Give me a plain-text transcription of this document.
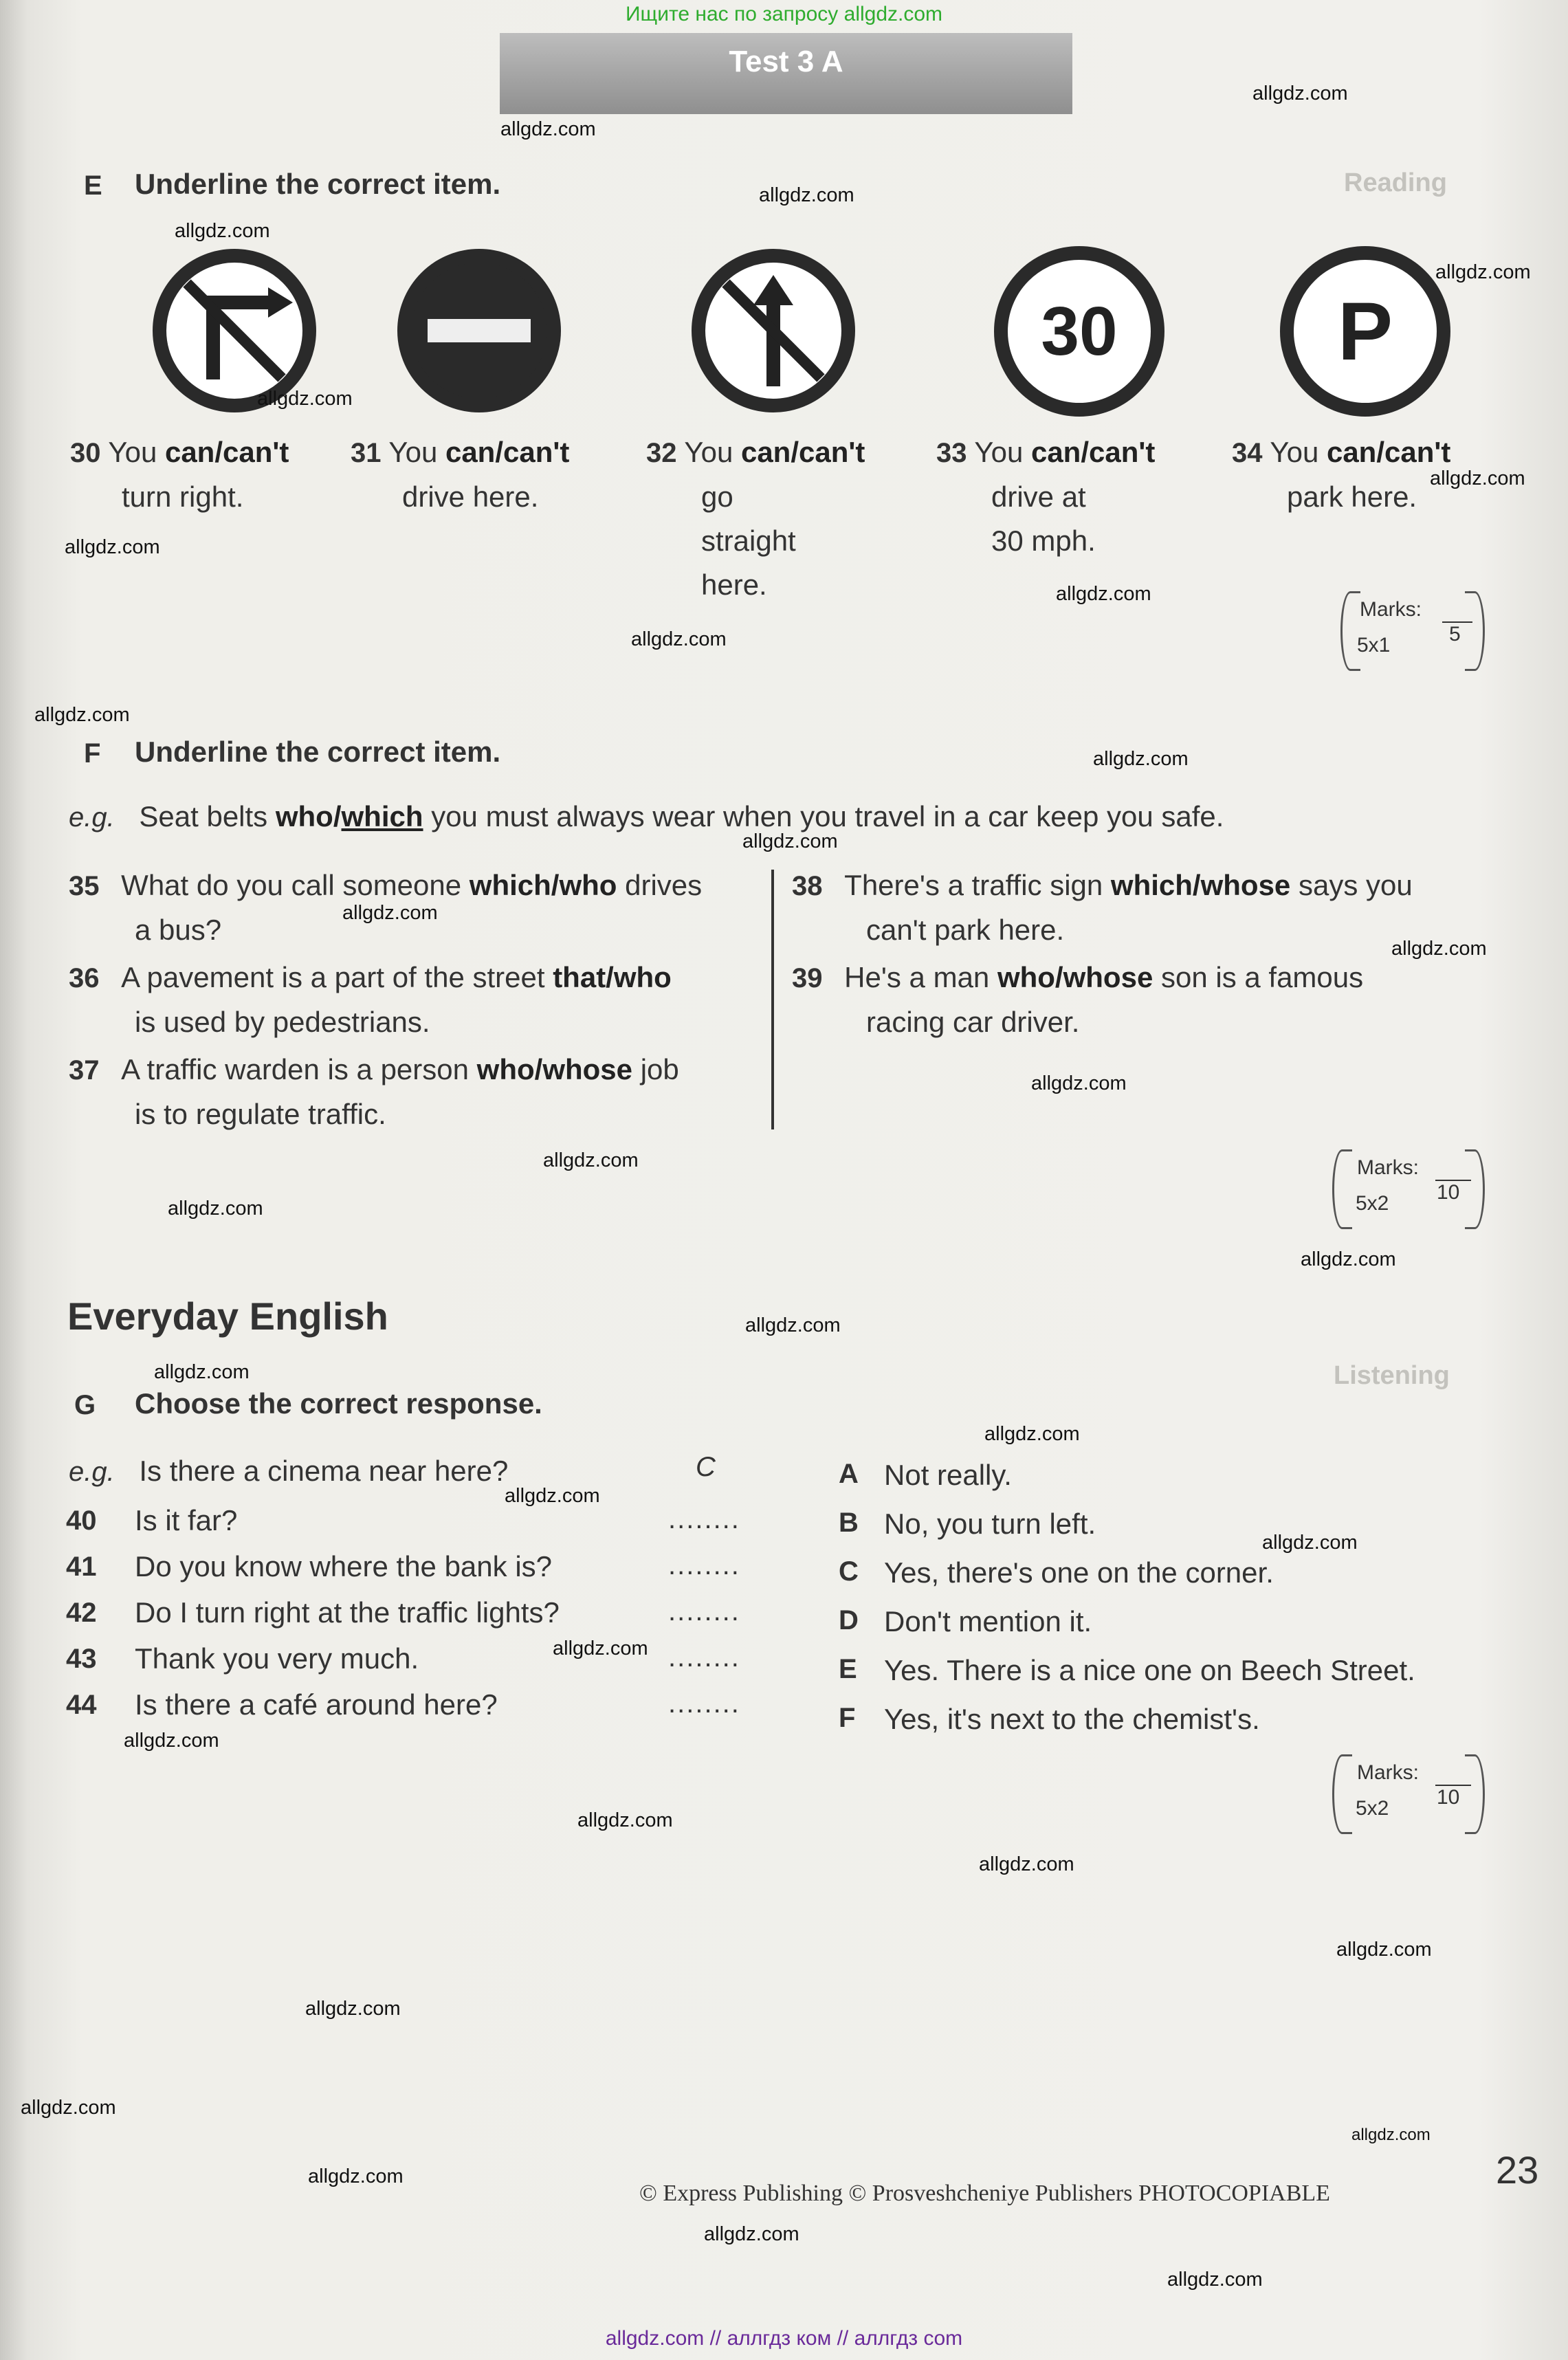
Reading
Listening
Ищите нас по запросу allgdz.com
Test 3 A
E Underline the correct item.
30	P
30 You can/can't
turn right.
31 You can/can't
drive here.
32 You can/can't
go straight here.
33 You can/can't
drive at 30 mph.
34 You can/can't
park here.
Marks:
5
5x1
F Underline the correct item.
e.g. Seat belts who/which you must always wear when you travel in a car keep you safe.
35 What do you call someone which/who drives
a bus?
36 A pavement is a part of the street that/who
is used by pedestrians.
37 A traffic warden is a person who/whose job
is to regulate traffic.
38 There's a traffic sign which/whose says you
can't park here.
39 He's a man who/whose son is a famous
racing car driver.
Marks:
10
5x2
Everyday English
G Choose the correct response.
e.g. Is there a cinema near here?	C
40 Is it far?	........
41 Do you know where the bank is?	........
42 Do I turn right at the traffic lights?	........
43 Thank you very much.	........
44 Is there a café around here?	........
A Not really.
B No, you turn left.
C Yes, there's one on the corner.
D Don't mention it.
E Yes. There is a nice one on Beech Street.
F Yes, it's next to the chemist's.
Marks:
10
5x2
© Express Publishing © Prosveshcheniye Publishers PHOTOCOPIABLE
23
allgdz.com
allgdz.com
allgdz.com
allgdz.com
allgdz.com
allgdz.com
allgdz.com
allgdz.com
allgdz.com
allgdz.com
allgdz.com
allgdz.com
allgdz.com
allgdz.com
allgdz.com
allgdz.com
allgdz.com
allgdz.com
allgdz.com
allgdz.com
allgdz.com
allgdz.com
allgdz.com
allgdz.com
allgdz.com
allgdz.com
allgdz.com
allgdz.com
allgdz.com
allgdz.com
allgdz.com
allgdz.com
allgdz.com
allgdz.com
allgdz.com
allgdz.com // аллгдз ком // аллгдз com
